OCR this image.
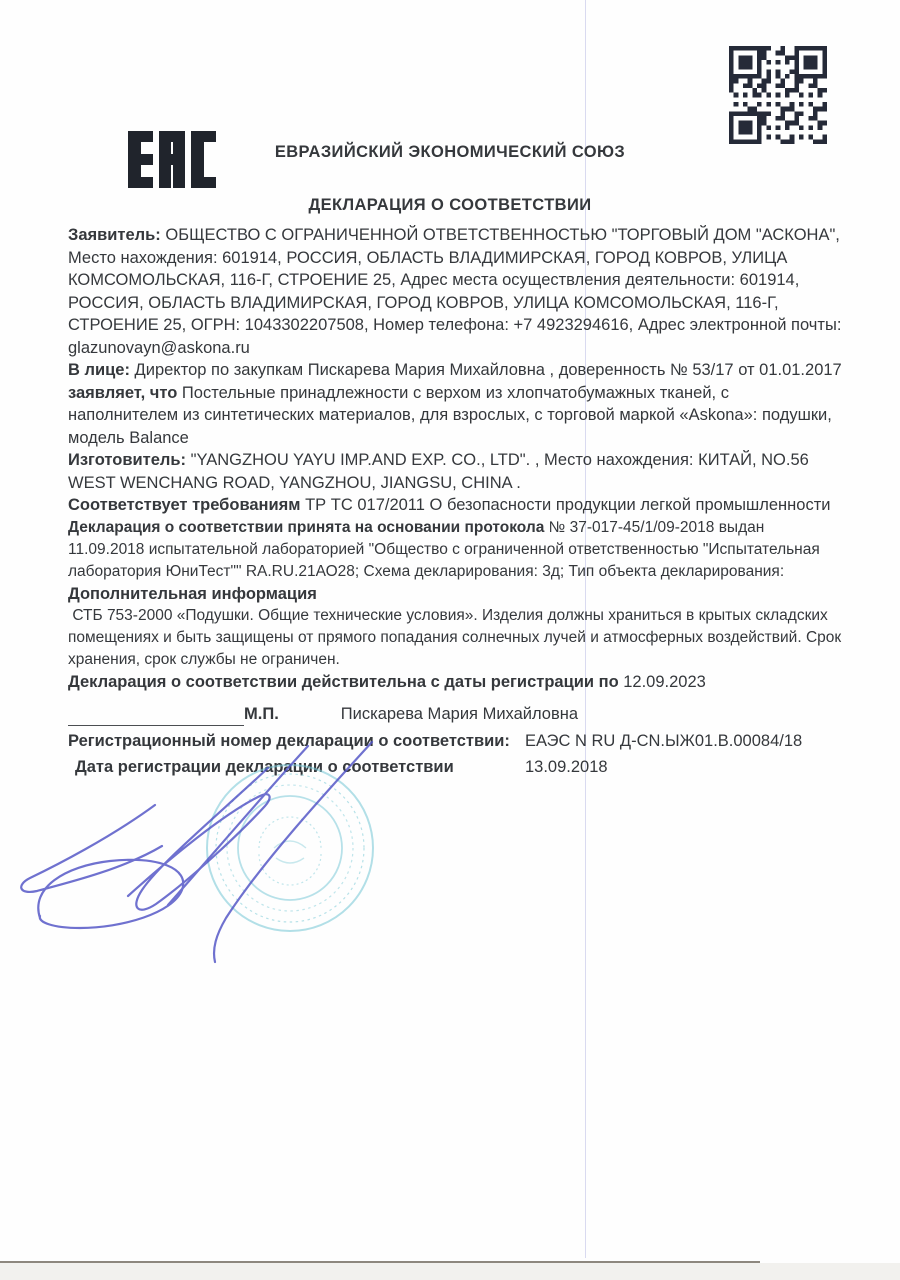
ЕВРАЗИЙСКИЙ ЭКОНОМИЧЕСКИЙ СОЮЗ
ДЕКЛАРАЦИЯ О СООТВЕТСТВИИ

Заявитель: ОБЩЕСТВО С ОГРАНИЧЕННОЙ ОТВЕТСТВЕННОСТЬЮ "ТОРГОВЫЙ ДОМ "АСКОНА", Место нахождения: 601914, РОССИЯ, ОБЛАСТЬ ВЛАДИМИРСКАЯ, ГОРОД КОВРОВ, УЛИЦА КОМСОМОЛЬСКАЯ, 116-Г, СТРОЕНИЕ 25, Адрес места осуществления деятельности: 601914, РОССИЯ, ОБЛАСТЬ ВЛАДИМИРСКАЯ, ГОРОД КОВРОВ, УЛИЦА КОМСОМОЛЬСКАЯ, 116-Г, СТРОЕНИЕ 25, ОГРН: 1043302207508, Номер телефона: +7 4923294616, Адрес электронной почты: glazunovayn@askona.ru

В лице: Директор по закупкам Пискарева Мария Михайловна , доверенность № 53/17 от 01.01.2017

заявляет, что Постельные принадлежности с верхом из хлопчатобумажных тканей, с наполнителем из синтетических материалов, для взрослых, с торговой маркой «Askona»: подушки, модель Balance

Изготовитель: "YANGZHOU YAYU IMP.AND EXP. CO., LTD". , Место нахождения: КИТАЙ, NO.56 WEST WENCHANG ROAD, YANGZHOU, JIANGSU, CHINA .

Соответствует требованиям ТР ТС 017/2011 О безопасности продукции легкой промышленности

Декларация о соответствии принята на основании протокола № 37-017-45/1/09-2018 выдан 11.09.2018 испытательной лабораторией "Общество с ограниченной ответственностью "Испытательная лаборатория ЮниТест"" RA.RU.21АО28; Схема декларирования: 3д; Тип объекта декларирования:

Дополнительная информация

СТБ 753-2000 «Подушки. Общие технические условия». Изделия должны храниться в крытых складских помещениях и быть защищены от прямого попадания солнечных лучей и атмосферных воздействий. Срок хранения, срок службы не ограничен.

Декларация о соответствии действительна с даты регистрации по 12.09.2023

М.П.	Пискарева Мария Михайловна
Регистрационный номер декларации о соответствии: ЕАЭС N RU Д-CN.ЫЖ01.В.00084/18
Дата регистрации декларации о соответствии	13.09.2018
